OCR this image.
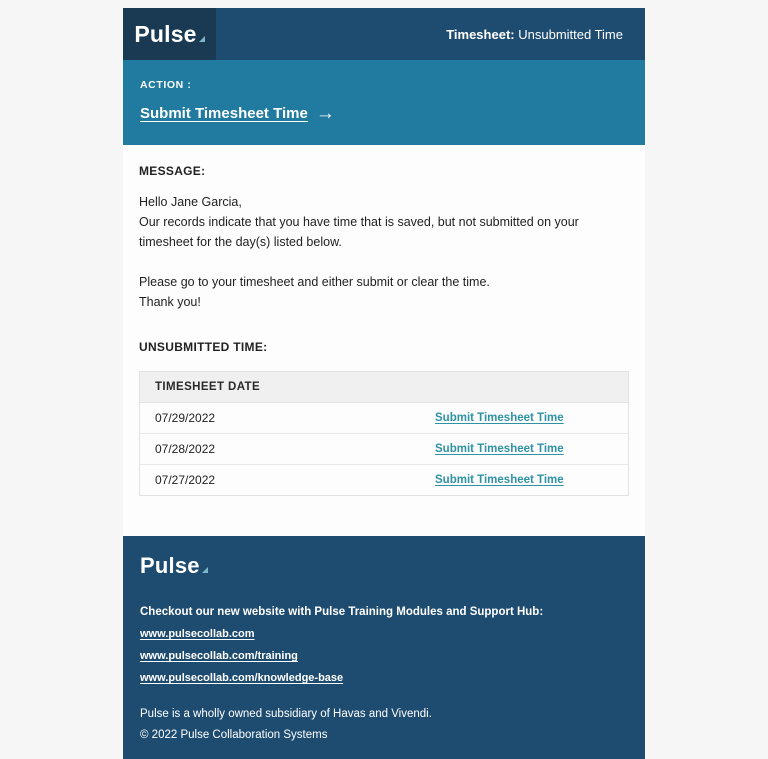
Pulse	Timesheet: Unsubmitted Time
ACTION :
Submit Timesheet Time →
MESSAGE:
Hello Jane Garcia,
Our records indicate that you have time that is saved, but not submitted on your timesheet for the day(s) listed below.
Please go to your timesheet and either submit or clear the time.
Thank you!
UNSUBMITTED TIME:
TIMESHEET DATE
07/29/2022	Submit Timesheet Time
07/28/2022	Submit Timesheet Time
07/27/2022	Submit Timesheet Time
Pulse
Checkout our new website with Pulse Training Modules and Support Hub:
www.pulsecollab.com
www.pulsecollab.com/training
www.pulsecollab.com/knowledge-base
Pulse is a wholly owned subsidiary of Havas and Vivendi.
© 2022 Pulse Collaboration Systems
